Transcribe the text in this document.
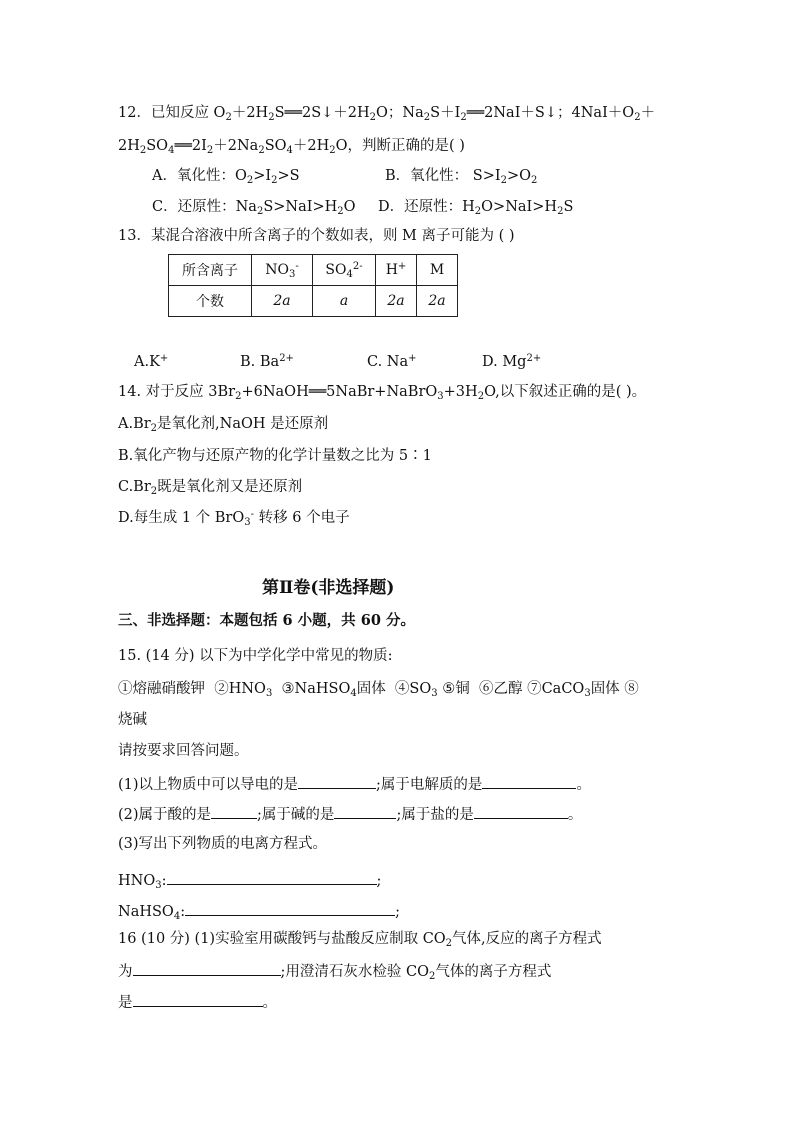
12．已知反应 $O_2+2H_2S══2S↓+2H_2O$；$Na_2S+I_2══2NaI+S↓$；$4NaI+O_2+$
$2H_2SO_4══2I_2+2Na_2SO_4+2H_2O$，判断正确的是( )
A．氧化性：$O_2>I_2>S$	B．氧化性： $S>I_2>O_2$
C．还原性：$Na_2S>NaI>H_2O$ D．还原性：$H_2O>NaI>H_2S$
13．某混合溶液中所含离子的个数如表，则 M 离子可能为 ( )
所含离子	$NO_3^-$	$SO_4^{2-}$	H+	M
个数	2a	a	2a	2a
A.K+	B. $Ba^{2+}$	C. Na+	D. $Mg^{2+}$
14. 对于反应 $3Br_2+6NaOH══5NaBr+NaBrO_3+3H_2O$,以下叙述正确的是( )。
$A.Br_2$是氧化剂,NaOH 是还原剂
B.氧化产物与还原产物的化学计量数之比为 5∶1
$C.Br_2$既是氧化剂又是还原剂
D.每生成 1 个 BrO$_3$- 转移 6 个电子
第Ⅱ卷(非选择题)
三、非选择题：本题包括 6 小题，共 60 分。
15. (14 分) 以下为中学化学中常见的物质:
①熔融硝酸钾  $②HNO_3$  ③NaHSO$_4$固体  $④SO_3$ ⑤铜  ⑥乙醇 ⑦CaCO$_3$固体 ⑧
烧碱
请按要求回答问题。
(1)以上物质中可以导电的是	;属于电解质的是	。
(2)属于酸的是	;属于碱的是	;属于盐的是	。
(3)写出下列物质的电离方程式。
$HNO_3$:	;
NaHSO$_4$:	;
16 (10 分) (1)实验室用碳酸钙与盐酸反应制取 $CO_2$气体,反应的离子方程式
为	;用澄清石灰水检验 $CO_2$气体的离子方程式
是	。
